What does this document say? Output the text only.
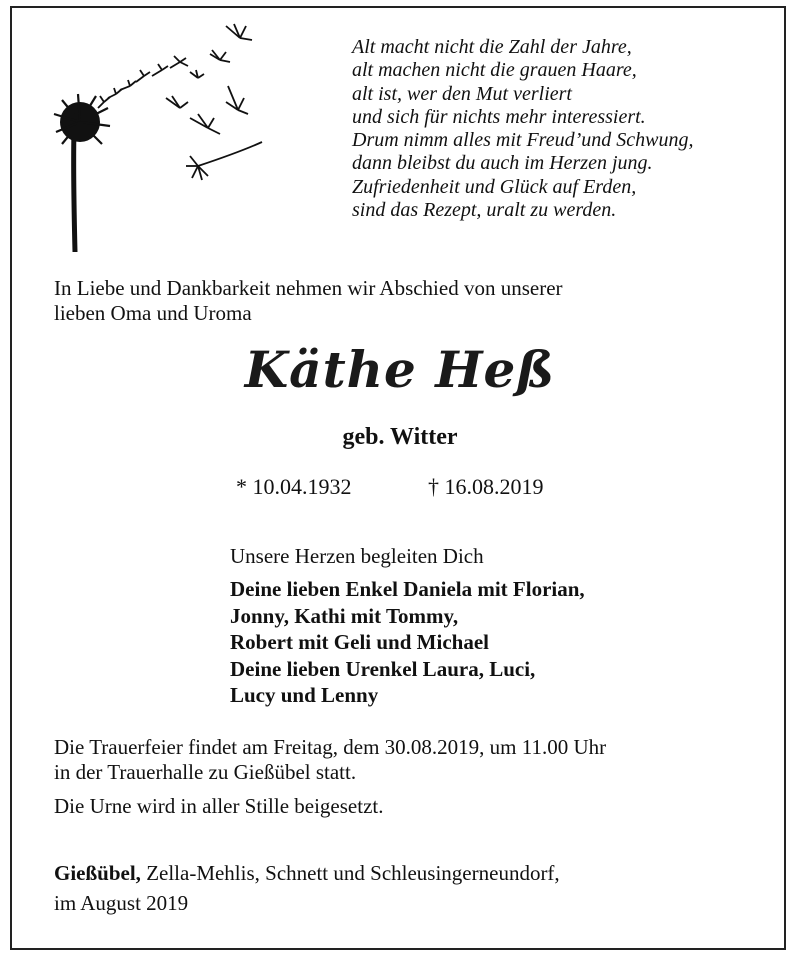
Alt macht nicht die Zahl der Jahre,
alt machen nicht die grauen Haare,
alt ist, wer den Mut verliert
und sich für nichts mehr interessiert.
Drum nimm alles mit Freud’und Schwung,
dann bleibst du auch im Herzen jung.
Zufriedenheit und Glück auf Erden,
sind das Rezept, uralt zu werden.
In Liebe und Dankbarkeit nehmen wir Abschied von unserer
lieben Oma und Uroma
Käthe Heß
geb. Witter
* 10.04.1932	† 16.08.2019
Unsere Herzen begleiten Dich
Deine lieben Enkel Daniela mit Florian,
Jonny, Kathi mit Tommy,
Robert mit Geli und Michael
Deine lieben Urenkel Laura, Luci,
Lucy und Lenny
Die Trauerfeier findet am Freitag, dem 30.08.2019, um 11.00 Uhr
in der Trauerhalle zu Gießübel statt.
Die Urne wird in aller Stille beigesetzt.
Gießübel, Zella-Mehlis, Schnett und Schleusingerneundorf,
im August 2019
